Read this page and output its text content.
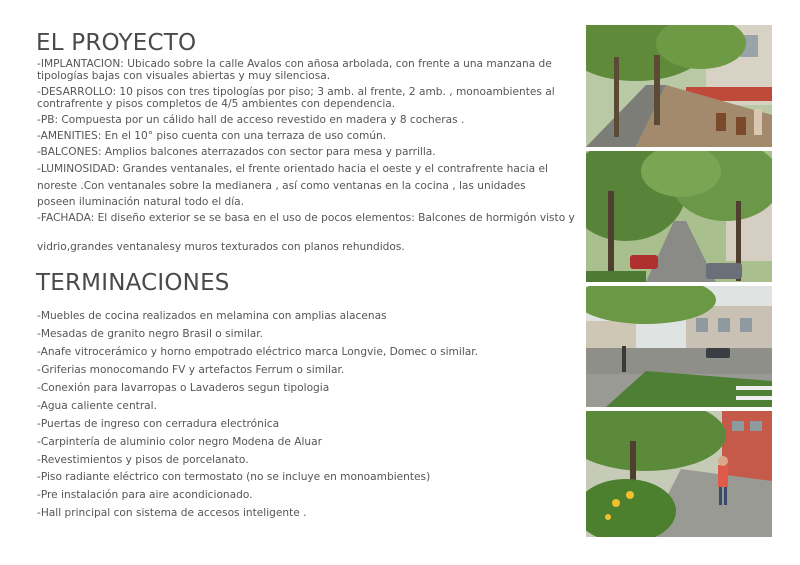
EL PROYECTO

-IMPLANTACION: Ubicado sobre la calle Avalos con añosa arbolada, con frente a una manzana de

tipologías bajas con visuales abiertas y muy silenciosa.

-DESARROLLO: 10 pisos con tres tipologías por piso; 3 amb. al frente, 2 amb. , monoambientes al

contrafrente y pisos completos de 4/5 ambientes con dependencia.

-PB: Compuesta por un cálido hall de acceso revestido en madera y 8 cocheras .

-AMENITIES: En el 10° piso cuenta con una terraza de uso común.

-BALCONES: Amplios balcones aterrazados con sector para mesa y parrilla.

-LUMINOSIDAD: Grandes ventanales, el frente orientado hacia el oeste y el contrafrente hacia el

noreste .Con ventanales sobre la medianera , así como ventanas en la cocina , las unidades

poseen iluminación natural todo el día.

-FACHADA: El diseño exterior se se basa en el uso de pocos elementos: Balcones de hormigón visto y

vidrio,grandes ventanalesy muros texturados con planos rehundidos.

TERMINACIONES

-Muebles de cocina realizados en melamina con amplias alacenas

-Mesadas de granito negro Brasil o similar.

-Anafe vitrocerámico y horno empotrado eléctrico marca Longvie, Domec o similar.

-Griferias monocomando FV y artefactos Ferrum o similar.

-Conexión para lavarropas o Lavaderos segun tipologia

-Agua caliente central.

-Puertas de ingreso con cerradura electrónica

-Carpintería de aluminio color negro Modena de Aluar

-Revestimientos y pisos de porcelanato.

-Piso radiante eléctrico con termostato (no se incluye en monoambientes)

-Pre instalación para aire acondicionado.

-Hall principal con sistema de accesos inteligente .
